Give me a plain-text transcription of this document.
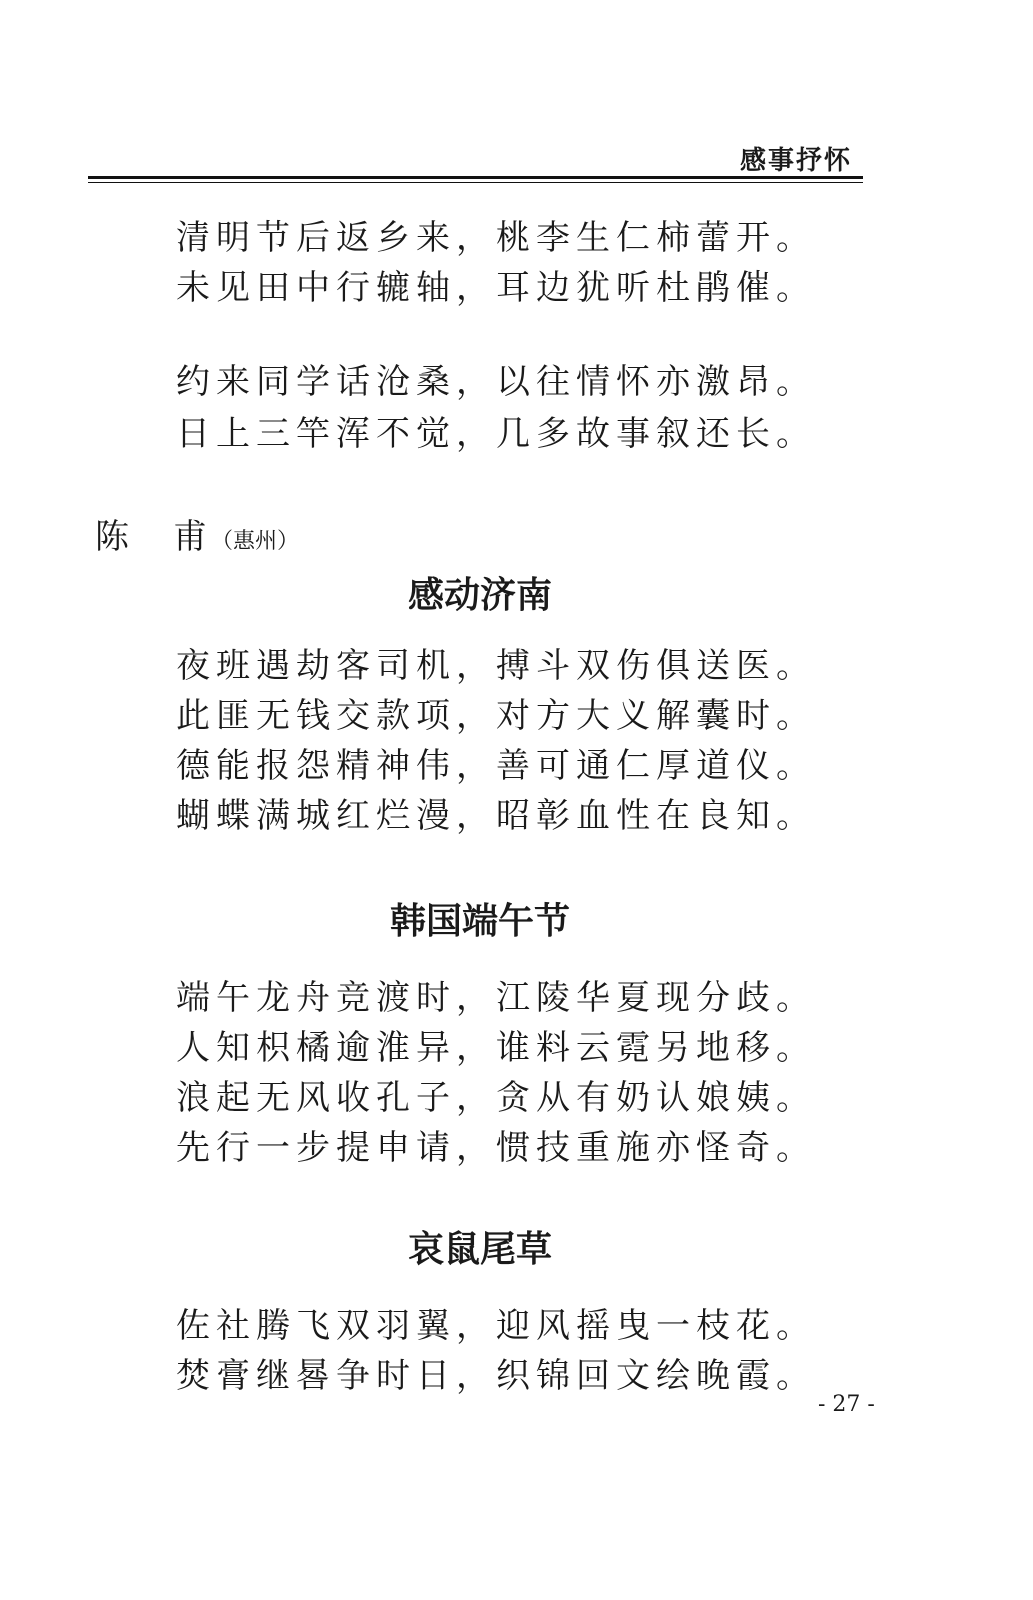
感事抒怀
清明节后返乡来，桃李生仁柿蕾开。
未见田中行辘轴，耳边犹听杜鹃催。
约来同学话沧桑，以往情怀亦激昂。
日上三竿浑不觉，几多故事叙还长。
陈 甫 （惠州）
感动济南
夜班遇劫客司机，搏斗双伤俱送医。
此匪无钱交款项，对方大义解囊时。
德能报怨精神伟，善可通仁厚道仪。
蝴蝶满城红烂漫，昭彰血性在良知。
韩国端午节
端午龙舟竞渡时，江陵华夏现分歧。
人知枳橘逾淮异，谁料云霓另地移。
浪起无风收孔子，贪从有奶认娘姨。
先行一步提申请，惯技重施亦怪奇。
哀鼠尾草
佐社腾飞双羽翼，迎风摇曳一枝花。
焚膏继晷争时日，织锦回文绘晚霞。
- 27 -
